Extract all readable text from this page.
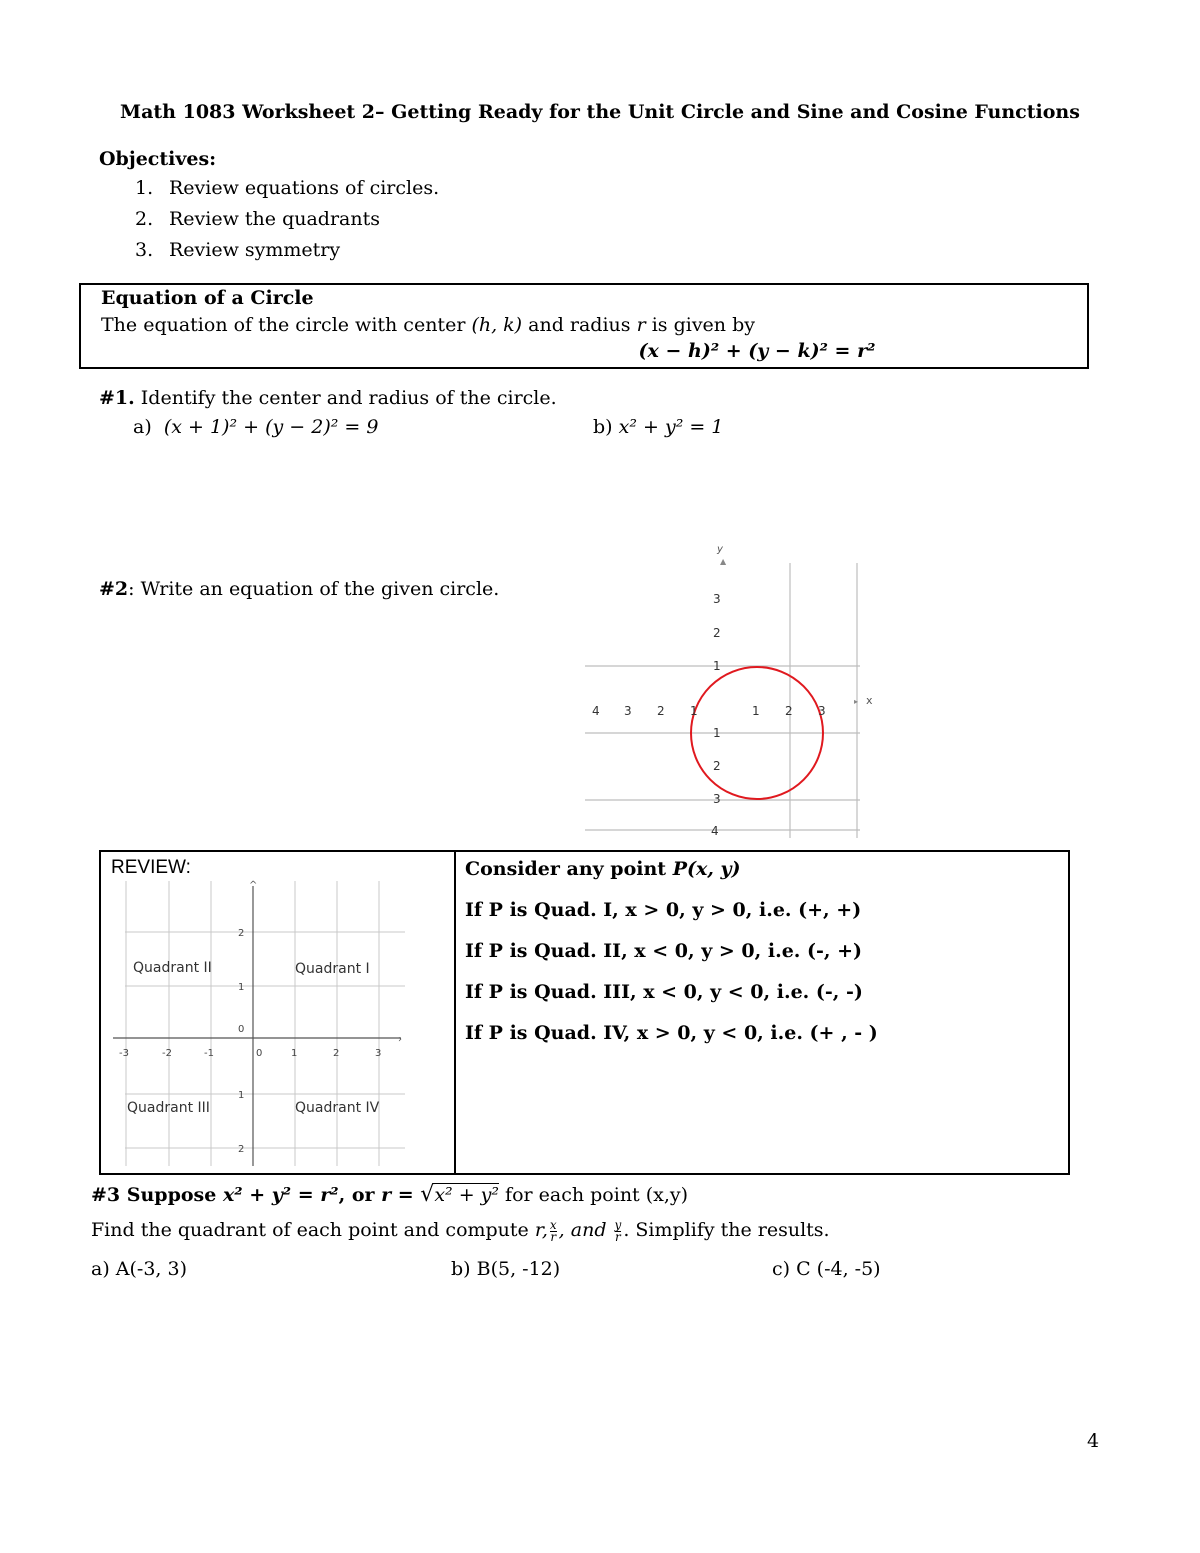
Math 1083 Worksheet 2– Getting Ready for the Unit Circle and Sine and Cosine Functions
Objectives:
1. Review equations of circles.
2. Review the quadrants
3. Review symmetry
Equation of a Circle
The equation of the circle with center (h, k) and radius r is given by
(x − h)² + (y − k)² = r²
#1. Identify the center and radius of the circle.
a) (x + 1)² + (y − 2)² = 9	b) x² + y² = 1
#2: Write an equation of the given circle.
y
▲
3
2
1
1
2
3
4
4 3 2 1	1 2 3
▸ x
REVIEW:
›
^
Quadrant II	Quadrant I
Quadrant III	Quadrant IV
-3	-2	-1	0	1	2	3
2
1
0
1
2
Consider any point P(x, y)
If P is Quad. I, x > 0, y > 0, i.e. (+, +)
If P is Quad. II, x < 0, y > 0, i.e. (-, +)
If P is Quad. III, x < 0, y < 0, i.e. (-, -)
If P is Quad. IV, x > 0, y < 0, i.e. (+ , - )
#3 Suppose x² + y² = r², or r = √x² + y² for each point (x,y)
Find the quadrant of each point and compute r, $\frac{x}{r}$ , and $\frac{y}{r}$ . Simplify the results.
a) A(-3, 3)	b) B(5, -12)	c) C (-4, -5)
4
